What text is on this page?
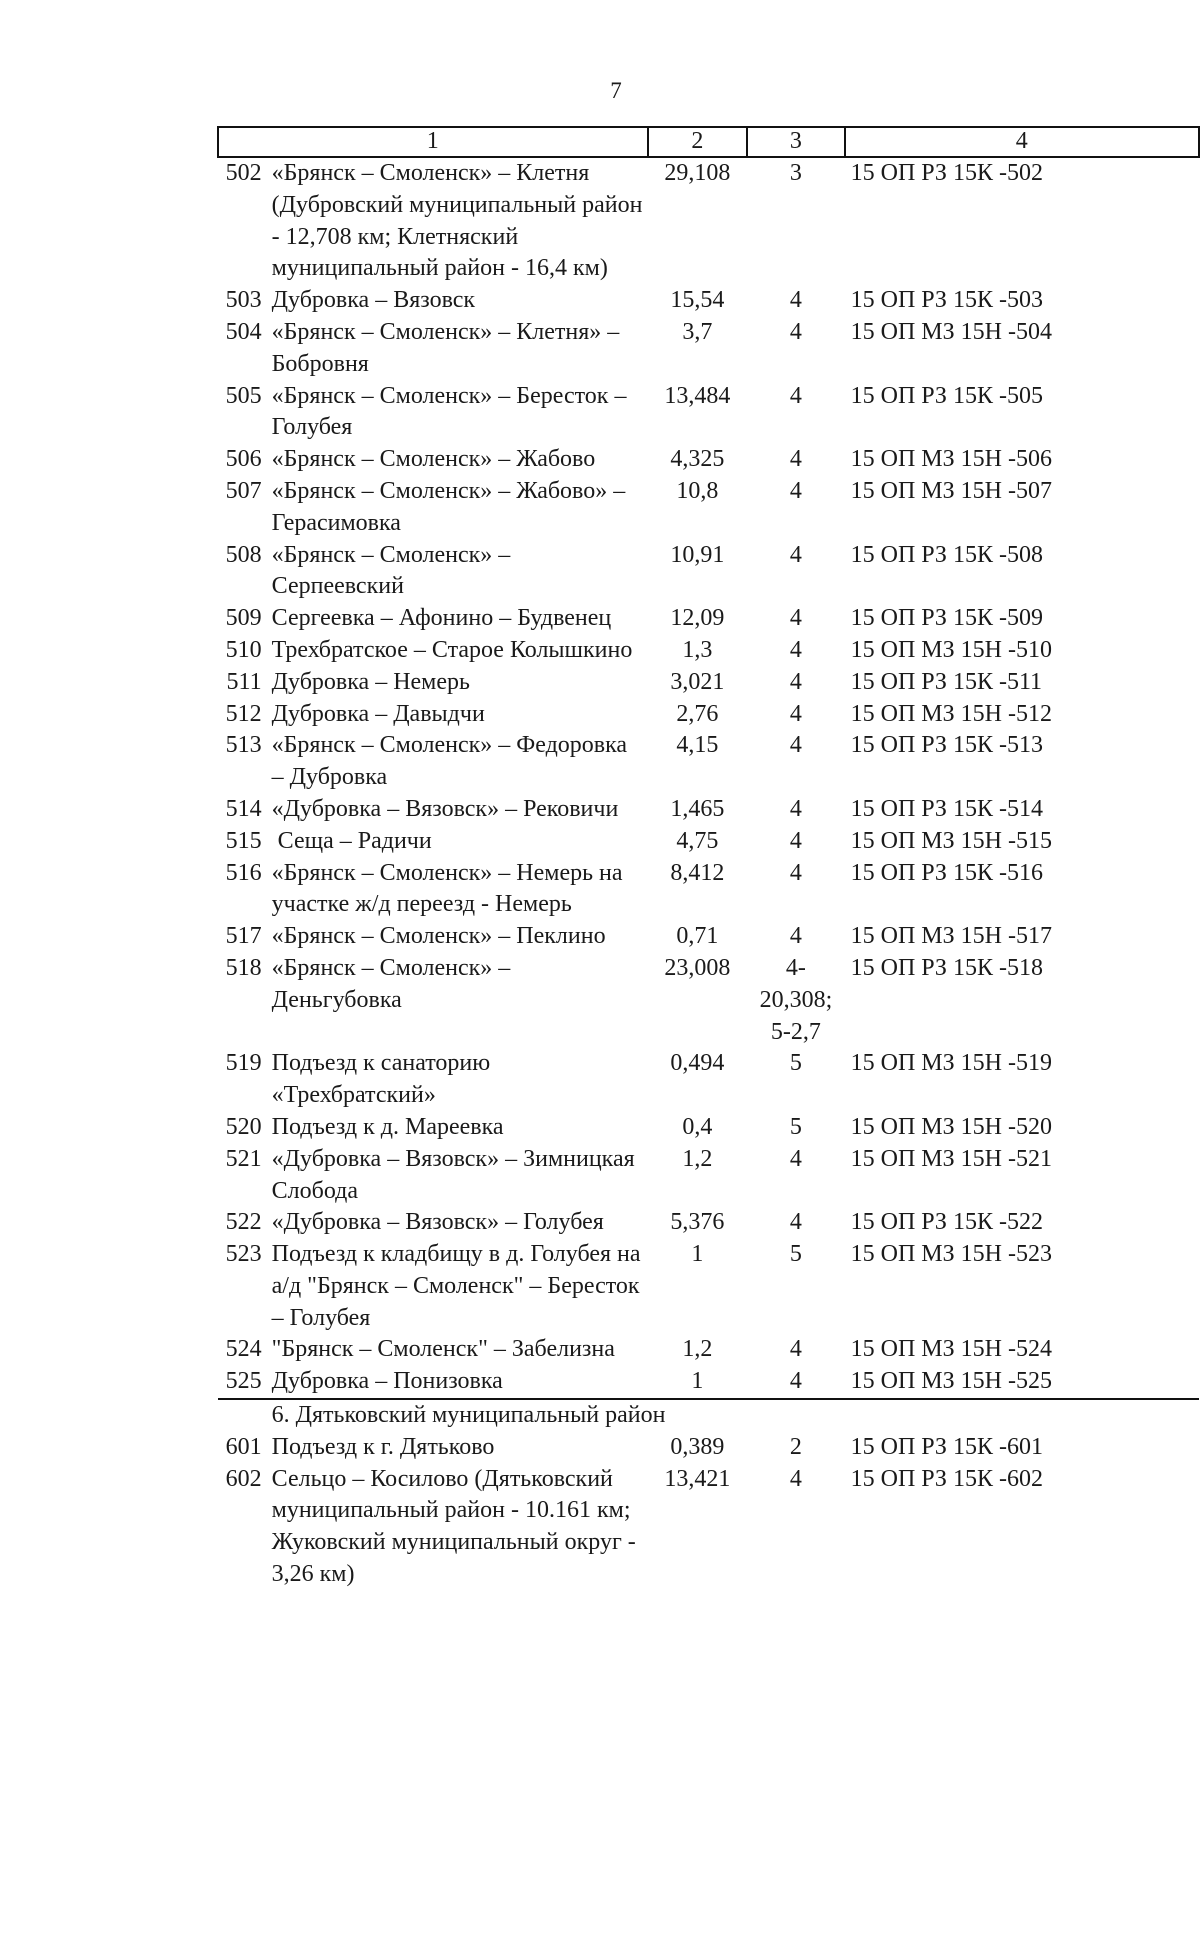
7
1		2	3	4
502	«Брянск – Смоленск» – Клетня (Дубровский муниципальный район - 12,708 км; Клетняский муниципальный район - 16,4 км)	29,108	3	15 ОП РЗ 15К -502
503	Дубровка – Вязовск	15,54	4	15 ОП РЗ 15К -503
504	«Брянск – Смоленск» – Клетня» – Бобровня	3,7	4	15 ОП МЗ 15Н -504
505	«Брянск – Смоленск» – Бересток – Голубея	13,484	4	15 ОП РЗ 15К -505
506	«Брянск – Смоленск» – Жабово	4,325	4	15 ОП МЗ 15Н -506
507	«Брянск – Смоленск» – Жабово» – Герасимовка	10,8	4	15 ОП МЗ 15Н -507
508	«Брянск – Смоленск» – Серпеевский	10,91	4	15 ОП РЗ 15К -508
509	Сергеевка – Афонино – Будвенец	12,09	4	15 ОП РЗ 15К -509
510	Трехбратское – Старое Колышкино	1,3	4	15 ОП МЗ 15Н -510
511	Дубровка – Немерь	3,021	4	15 ОП РЗ 15К -511
512	Дубровка – Давыдчи	2,76	4	15 ОП МЗ 15Н -512
513	«Брянск – Смоленск» – Федоровка – Дубровка	4,15	4	15 ОП РЗ 15К -513
514	«Дубровка – Вязовск» – Рековичи	1,465	4	15 ОП РЗ 15К -514
515	Сеща – Радичи	4,75	4	15 ОП МЗ 15Н -515
516	«Брянск – Смоленск» – Немерь на участке ж/д переезд - Немерь	8,412	4	15 ОП РЗ 15К -516
517	«Брянск – Смоленск» – Пеклино	0,71	4	15 ОП МЗ 15Н -517
518	«Брянск – Смоленск» – Деньгубовка	23,008	4- 20,308; 5-2,7	15 ОП РЗ 15К -518
519	Подъезд к санаторию «Трехбратский»	0,494	5	15 ОП МЗ 15Н -519
520	Подъезд к д. Мареевка	0,4	5	15 ОП МЗ 15Н -520
521	«Дубровка – Вязовск» – Зимницкая Слобода	1,2	4	15 ОП МЗ 15Н -521
522	«Дубровка – Вязовск» – Голубея	5,376	4	15 ОП РЗ 15К -522
523	Подъезд к кладбищу в д. Голубея на а/д "Брянск – Смоленск" – Бересток – Голубея	1	5	15 ОП МЗ 15Н -523
524	"Брянск – Смоленск" – Забелизна	1,2	4	15 ОП МЗ 15Н -524
525	Дубровка – Понизовка	1	4	15 ОП МЗ 15Н -525
	6. Дятьковский муниципальный район			
601	Подъезд к г. Дятьково	0,389	2	15 ОП РЗ 15К -601
602	Сельцо – Косилово (Дятьковский муниципальный район - 10.161 км; Жуковский муниципальный округ - 3,26 км)	13,421	4	15 ОП РЗ 15К -602
